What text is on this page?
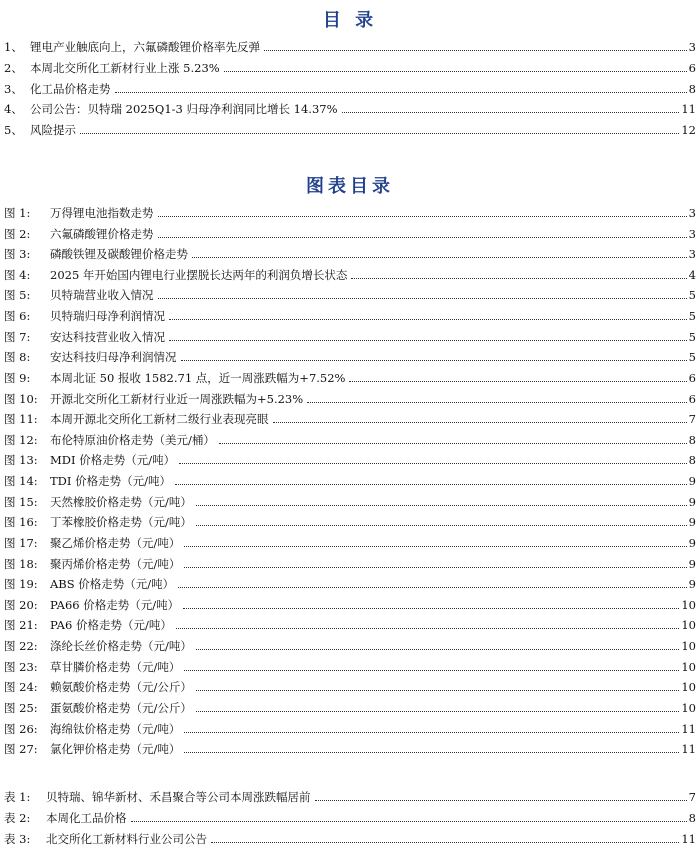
目 录
1、 锂电产业触底向上，六氟磷酸锂价格率先反弹	3
2、 本周北交所化工新材行业上涨 5.23%	6
3、 化工品价格走势	8
4、 公司公告：贝特瑞 2025Q1-3 归母净利润同比增长 14.37%	11
5、 风险提示	12
图表目录
图 1:	万得锂电池指数走势	3
图 2:	六氟磷酸锂价格走势	3
图 3:	磷酸铁锂及碳酸锂价格走势	3
图 4:	2025 年开始国内锂电行业摆脱长达两年的利润负增长状态	4
图 5:	贝特瑞营业收入情况	5
图 6:	贝特瑞归母净利润情况	5
图 7:	安达科技营业收入情况	5
图 8:	安达科技归母净利润情况	5
图 9:	本周北证 50 报收 1582.71 点，近一周涨跌幅为+7.52%	6
图 10:	开源北交所化工新材行业近一周涨跌幅为+5.23%	6
图 11:	本周开源北交所化工新材二级行业表现亮眼	7
图 12:	布伦特原油价格走势（美元/桶）	8
图 13:	MDI 价格走势（元/吨）	8
图 14:	TDI 价格走势（元/吨）	9
图 15:	天然橡胶价格走势（元/吨）	9
图 16:	丁苯橡胶价格走势（元/吨）	9
图 17:	聚乙烯价格走势（元/吨）	9
图 18:	聚丙烯价格走势（元/吨）	9
图 19:	ABS 价格走势（元/吨）	9
图 20:	PA66 价格走势（元/吨）	10
图 21:	PA6 价格走势（元/吨）	10
图 22:	涤纶长丝价格走势（元/吨）	10
图 23:	草甘膦价格走势（元/吨）	10
图 24:	赖氨酸价格走势（元/公斤）	10
图 25:	蛋氨酸价格走势（元/公斤）	10
图 26:	海绵钛价格走势（元/吨）	11
图 27:	氯化钾价格走势（元/吨）	11
表 1:	贝特瑞、锦华新材、禾昌聚合等公司本周涨跌幅居前	7
表 2:	本周化工品价格	8
表 3:	北交所化工新材料行业公司公告	11
